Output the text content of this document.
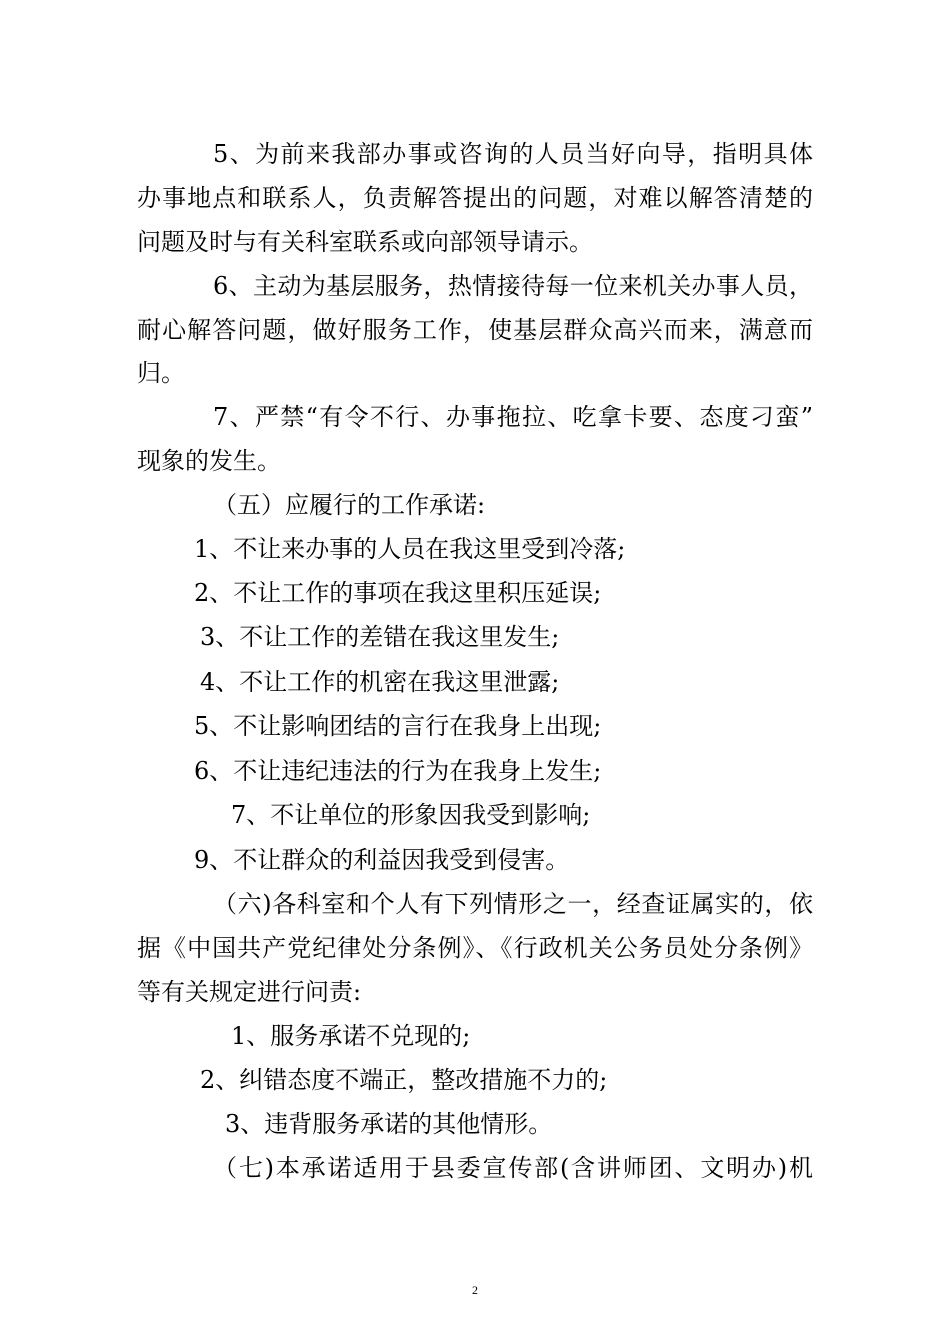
5、为前来我部办事或咨询的人员当好向导，指明具体
办事地点和联系人，负责解答提出的问题，对难以解答清楚的
问题及时与有关科室联系或向部领导请示。
6、主动为基层服务，热情接待每一位来机关办事人员，
耐心解答问题，做好服务工作，使基层群众高兴而来，满意而
归。
7、严禁“有令不行、办事拖拉、吃拿卡要、态度刁蛮”
现象的发生。
（五）应履行的工作承诺:
1、不让来办事的人员在我这里受到冷落;
2、不让工作的事项在我这里积压延误;
3、不让工作的差错在我这里发生;
4、不让工作的机密在我这里泄露;
5、不让影响团结的言行在我身上出现;
6、不让违纪违法的行为在我身上发生;
7、不让单位的形象因我受到影响;
9、不让群众的利益因我受到侵害。
（六)各科室和个人有下列情形之一，经查证属实的，依
据《中国共产党纪律处分条例》、《行政机关公务员处分条例》
等有关规定进行问责:
1、服务承诺不兑现的;
2、纠错态度不端正，整改措施不力的;
3、违背服务承诺的其他情形。
（七)本承诺适用于县委宣传部(含讲师团、文明办)机
2
